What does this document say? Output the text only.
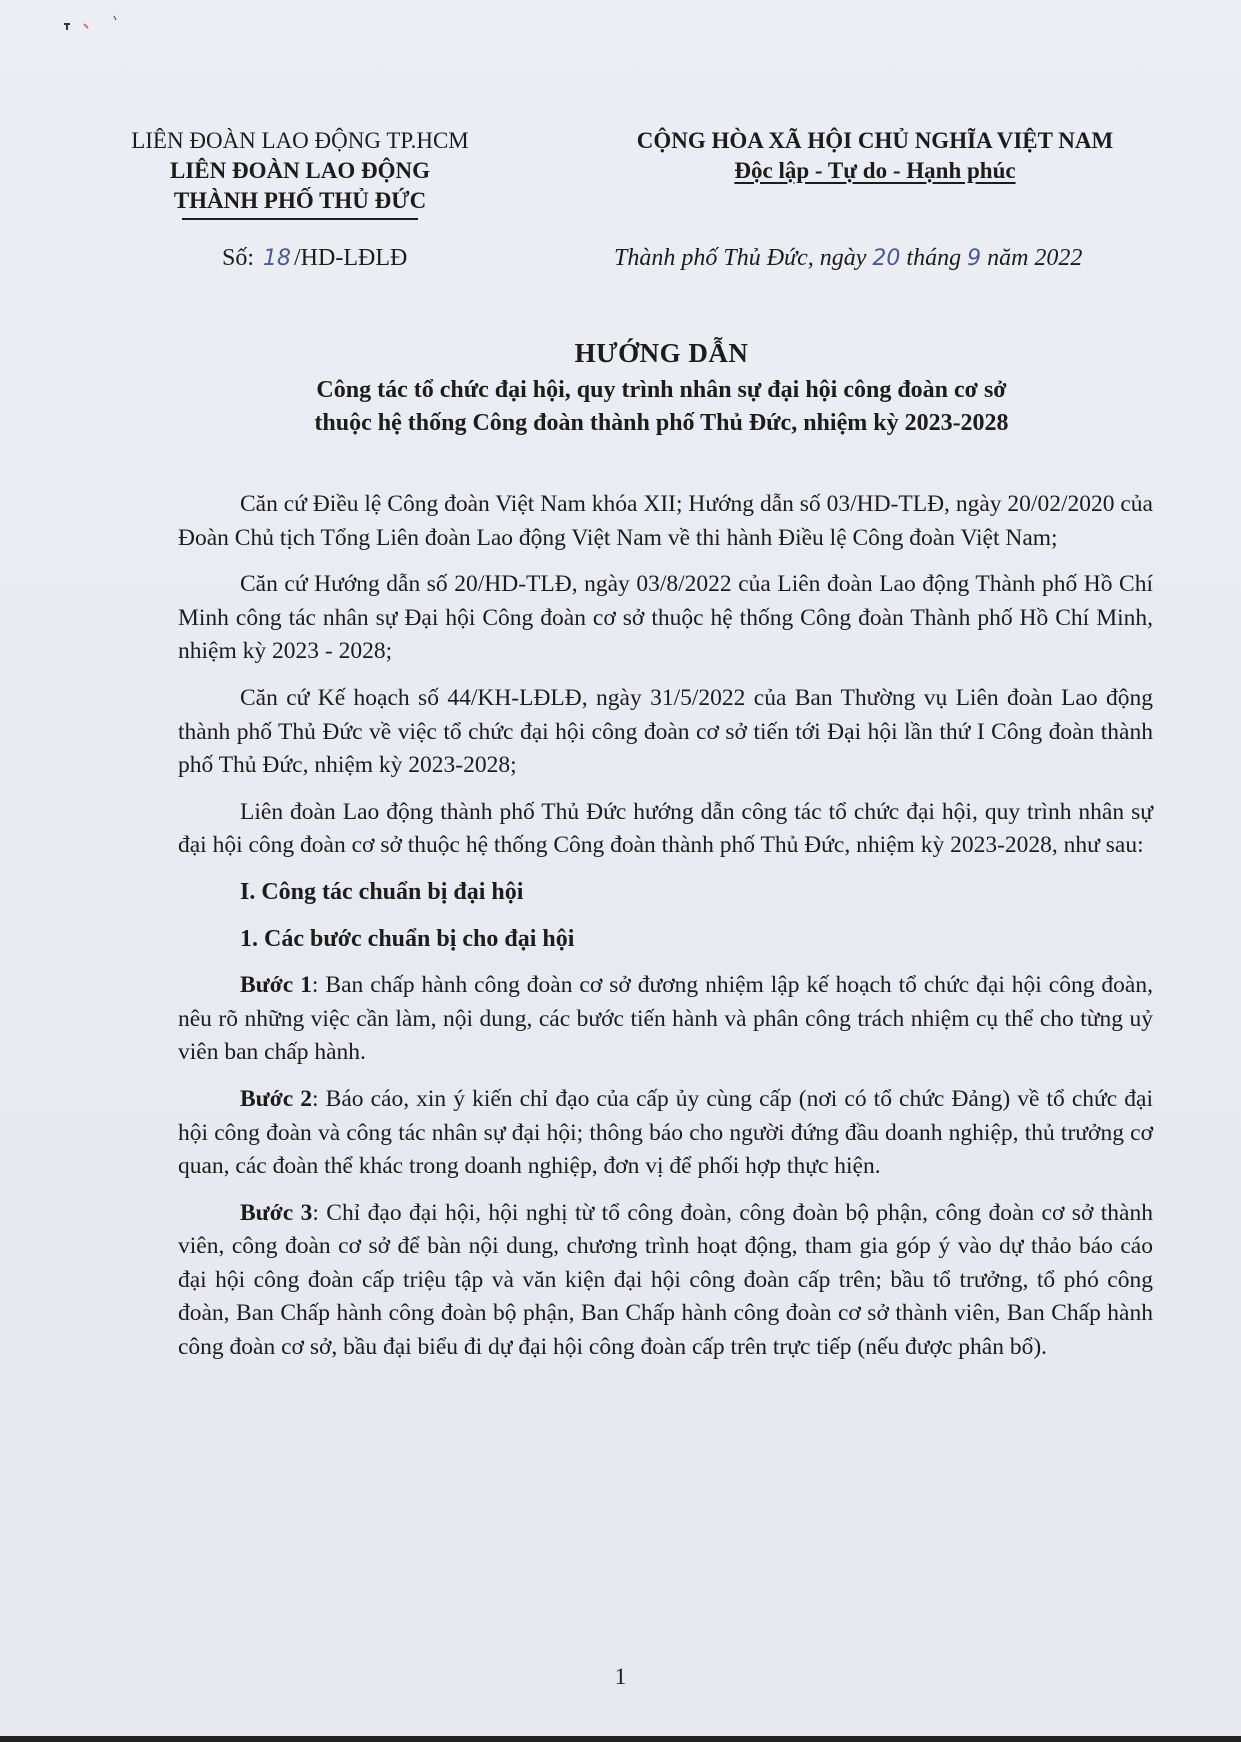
LIÊN ĐOÀN LAO ĐỘNG TP.HCM
LIÊN ĐOÀN LAO ĐỘNG
THÀNH PHỐ THỦ ĐỨC
CỘNG HÒA XÃ HỘI CHỦ NGHĨA VIỆT NAM
Độc lập - Tự do - Hạnh phúc
Số: 18 /HD-LĐLĐ	Thành phố Thủ Đức, ngày 20 tháng 9 năm 2022
HƯỚNG DẪN
Công tác tổ chức đại hội, quy trình nhân sự đại hội công đoàn cơ sở
thuộc hệ thống Công đoàn thành phố Thủ Đức, nhiệm kỳ 2023-2028

Căn cứ Điều lệ Công đoàn Việt Nam khóa XII; Hướng dẫn số 03/HD-TLĐ, ngày 20/02/2020 của Đoàn Chủ tịch Tổng Liên đoàn Lao động Việt Nam về thi hành Điều lệ Công đoàn Việt Nam;

Căn cứ Hướng dẫn số 20/HD-TLĐ, ngày 03/8/2022 của Liên đoàn Lao động Thành phố Hồ Chí Minh công tác nhân sự Đại hội Công đoàn cơ sở thuộc hệ thống Công đoàn Thành phố Hồ Chí Minh, nhiệm kỳ 2023 - 2028;

Căn cứ Kế hoạch số 44/KH-LĐLĐ, ngày 31/5/2022 của Ban Thường vụ Liên đoàn Lao động thành phố Thủ Đức về việc tổ chức đại hội công đoàn cơ sở tiến tới Đại hội lần thứ I Công đoàn thành phố Thủ Đức, nhiệm kỳ 2023-2028;

Liên đoàn Lao động thành phố Thủ Đức hướng dẫn công tác tổ chức đại hội, quy trình nhân sự đại hội công đoàn cơ sở thuộc hệ thống Công đoàn thành phố Thủ Đức, nhiệm kỳ 2023-2028, như sau:

I. Công tác chuẩn bị đại hội

1. Các bước chuẩn bị cho đại hội

Bước 1: Ban chấp hành công đoàn cơ sở đương nhiệm lập kế hoạch tổ chức đại hội công đoàn, nêu rõ những việc cần làm, nội dung, các bước tiến hành và phân công trách nhiệm cụ thể cho từng uỷ viên ban chấp hành.

Bước 2: Báo cáo, xin ý kiến chỉ đạo của cấp ủy cùng cấp (nơi có tổ chức Đảng) về tổ chức đại hội công đoàn và công tác nhân sự đại hội; thông báo cho người đứng đầu doanh nghiệp, thủ trưởng cơ quan, các đoàn thể khác trong doanh nghiệp, đơn vị để phối hợp thực hiện.

Bước 3: Chỉ đạo đại hội, hội nghị từ tổ công đoàn, công đoàn bộ phận, công đoàn cơ sở thành viên, công đoàn cơ sở để bàn nội dung, chương trình hoạt động, tham gia góp ý vào dự thảo báo cáo đại hội công đoàn cấp triệu tập và văn kiện đại hội công đoàn cấp trên; bầu tổ trưởng, tổ phó công đoàn, Ban Chấp hành công đoàn bộ phận, Ban Chấp hành công đoàn cơ sở thành viên, Ban Chấp hành công đoàn cơ sở, bầu đại biểu đi dự đại hội công đoàn cấp trên trực tiếp (nếu được phân bổ).

1
